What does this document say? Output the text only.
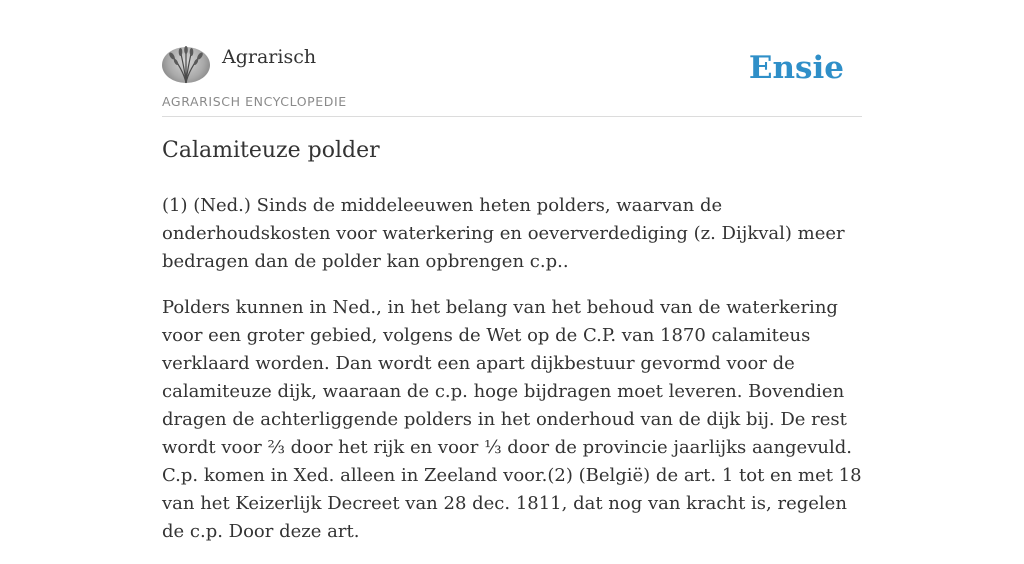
Agrarisch
AGRARISCH ENCYCLOPEDIE
Ensie
Calamiteuze polder

(1) (Ned.) Sinds de middeleeuwen heten polders, waarvan de onderhoudskosten voor waterkering en oeververdediging (z. Dijkval) meer bedragen dan de polder kan opbrengen c.p..

Polders kunnen in Ned., in het belang van het behoud van de waterkering voor een groter gebied, volgens de Wet op de C.P. van 1870 calamiteus verklaard worden. Dan wordt een apart dijkbestuur gevormd voor de calamiteuze dijk, waaraan de c.p. hoge bijdragen moet leveren. Bovendien dragen de achterliggende polders in het onderhoud van de dijk bij. De rest wordt voor ⅔ door het rijk en voor ⅓ door de provincie jaarlijks aangevuld. C.p. komen in Xed. alleen in Zeeland voor.(2) (België) de art. 1 tot en met 18 van het Keizerlijk Decreet van 28 dec. 1811, dat nog van kracht is, regelen de c.p. Door deze art.
